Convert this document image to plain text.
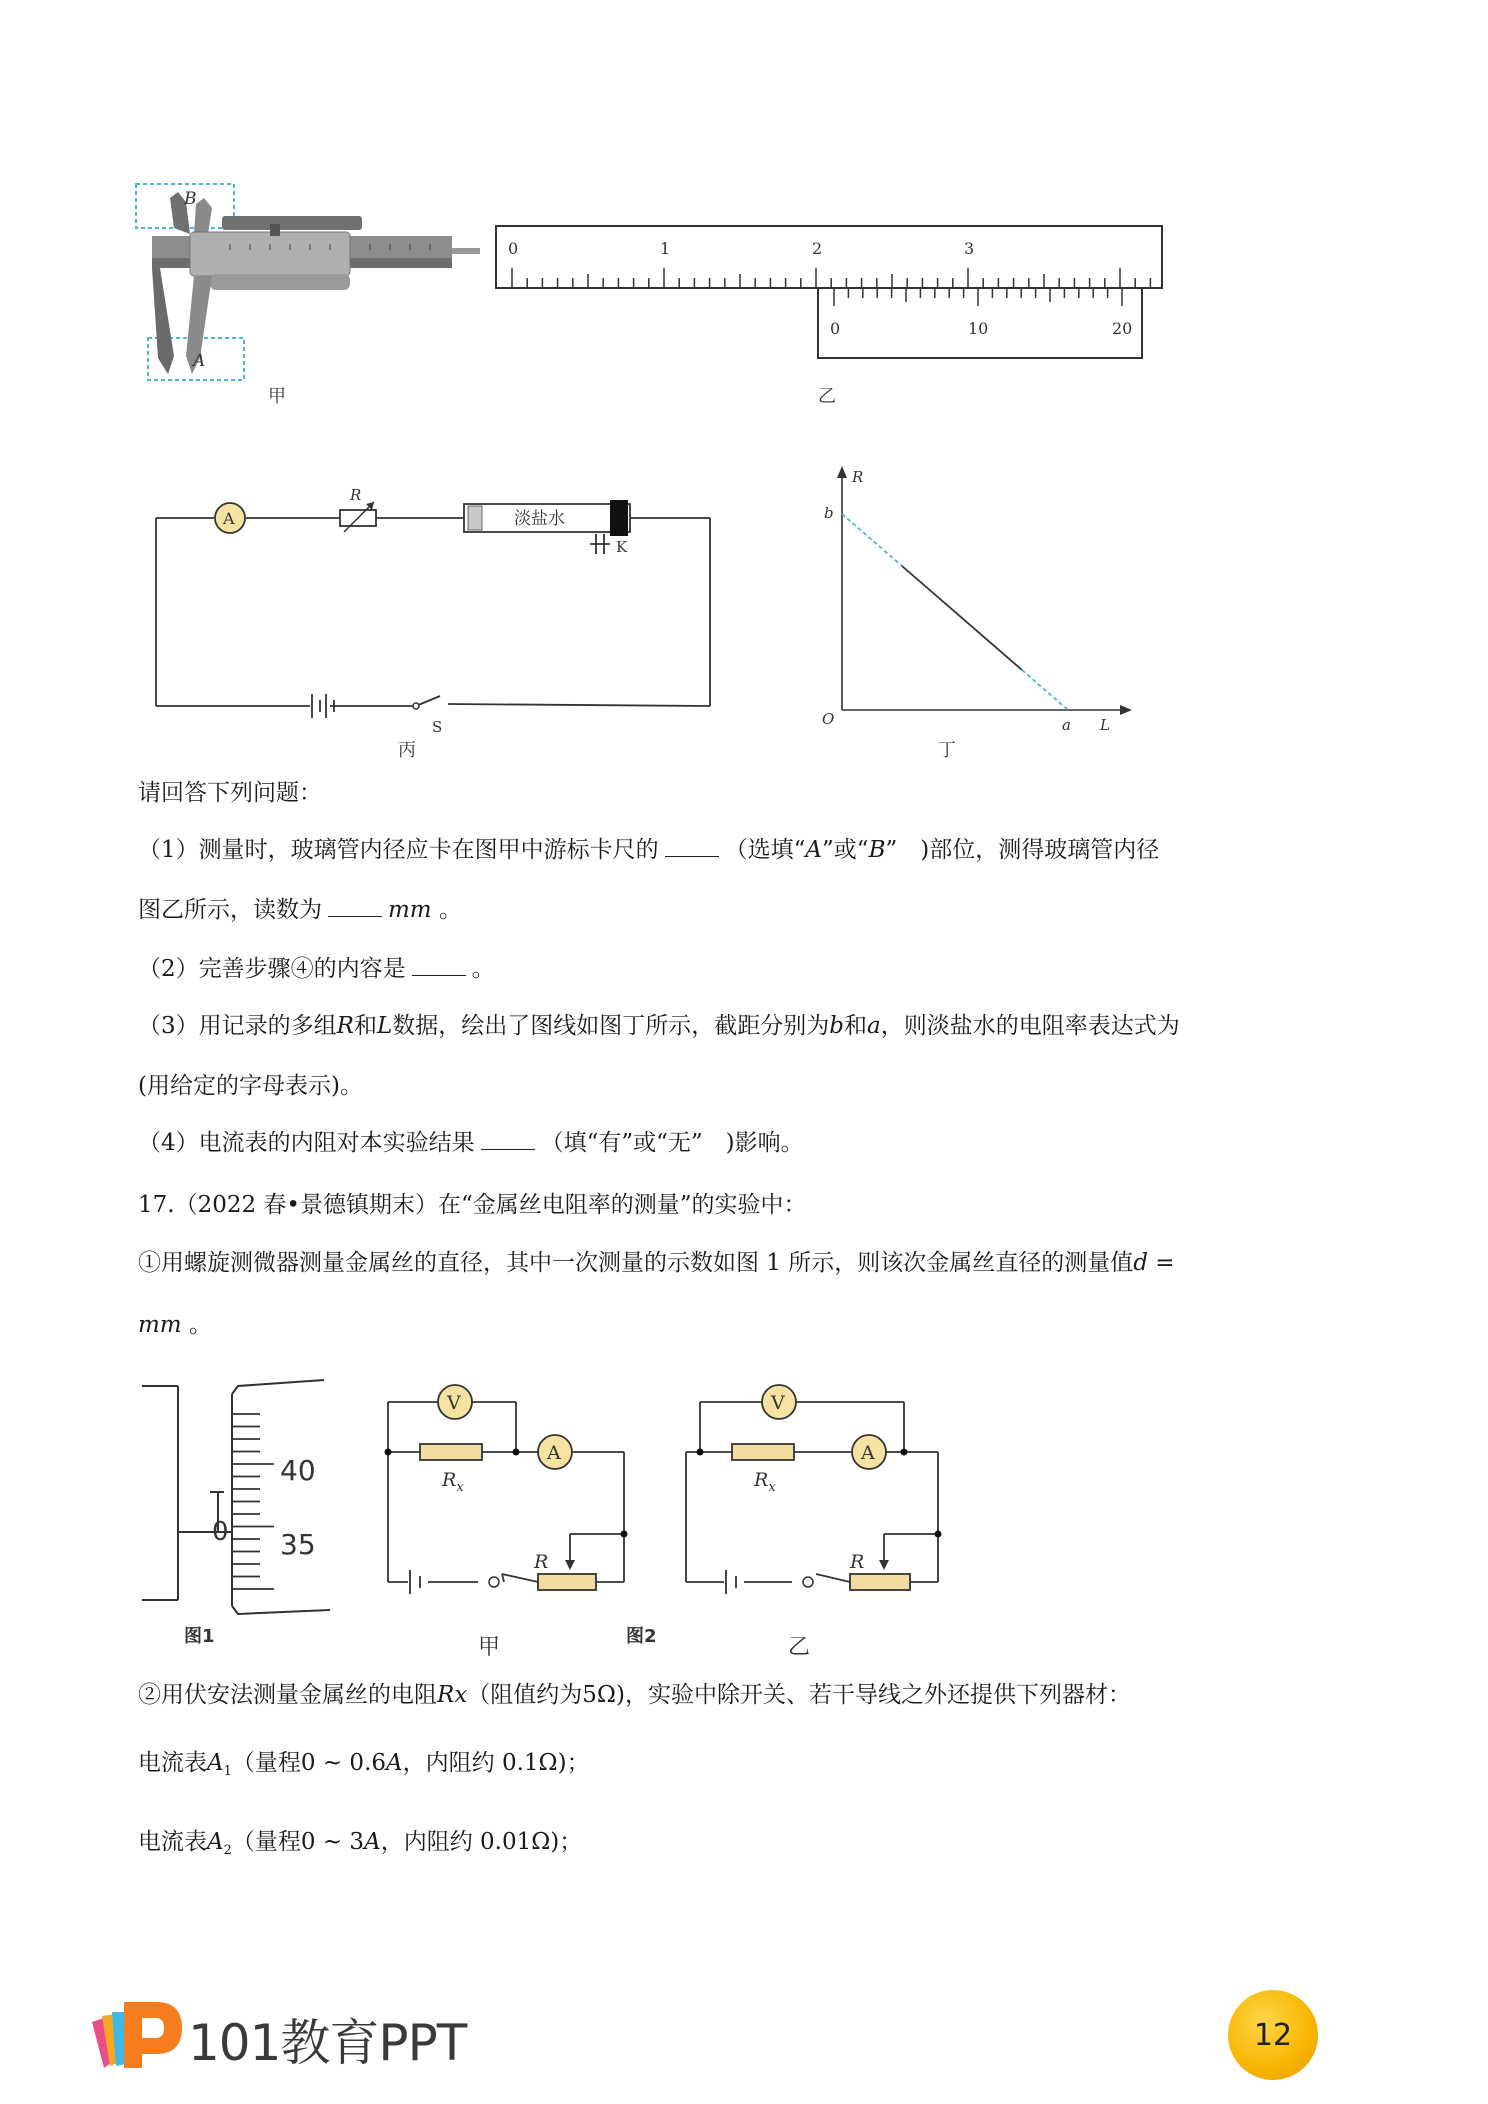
B
A
甲
0	1	2	3
0	10	20
乙
A
R
淡盐水
K
S
丙
R
b
O	a L
丁
请回答下列问题：
（1）测量时，玻璃管内径应卡在图甲中游标卡尺的	（选填“A”或“B”　)部位，测得玻璃管内径
图乙所示，读数为	mm 。
（2）完善步骤④的内容是	。
（3）用记录的多组R和L数据，绘出了图线如图丁所示，截距分别为b和a，则淡盐水的电阻率表达式为
(用给定的字母表示)。
（4）电流表的内阻对本实验结果	（填“有”或“无”　)影响。
17.（2022 春•景德镇期末）在“金属丝电阻率的测量”的实验中：
①用螺旋测微器测量金属丝的直径，其中一次测量的示数如图 1 所示，则该次金属丝直径的测量值d =
mm 。
40
35
0
图1
V
A
$R_x$
R
甲	图2
V
A
$R_x$
R
乙
②用伏安法测量金属丝的电阻Rx（阻值约为5Ω)，实验中除开关、若干导线之外还提供下列器材：
电流表$A_1$（量程0 ~ 0.6A，内阻约 0.1Ω)；
电流表$A_2$（量程0 ~ 3A，内阻约 0.01Ω)；
101教育PPT	12
